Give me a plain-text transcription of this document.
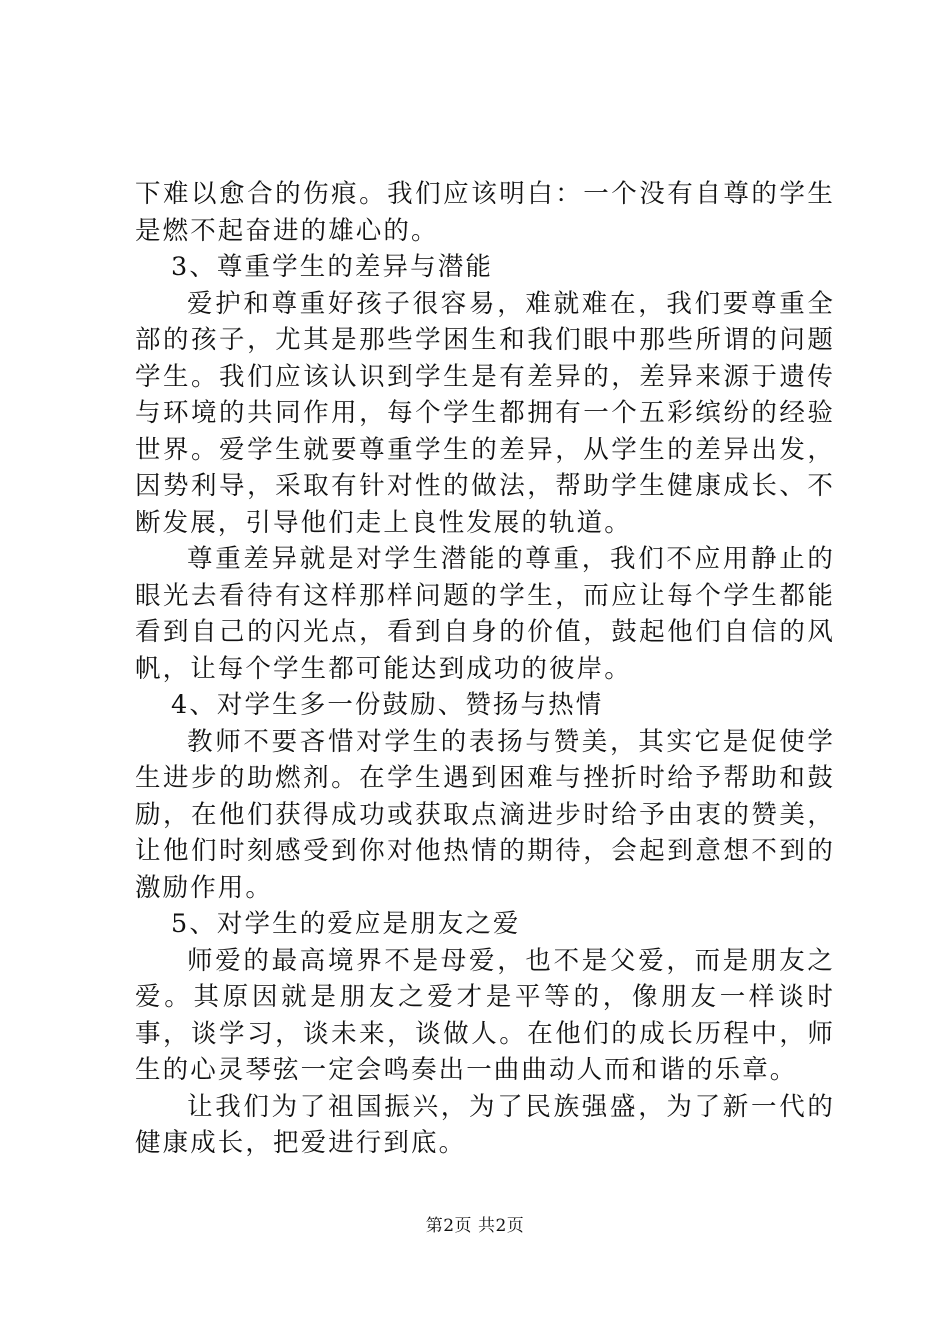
下难以愈合的伤痕。我们应该明白：一个没有自尊的学生是燃不起奋进的雄心的。

3、尊重学生的差异与潜能

爱护和尊重好孩子很容易，难就难在，我们要尊重全部的孩子，尤其是那些学困生和我们眼中那些所谓的问题学生。我们应该认识到学生是有差异的，差异来源于遗传与环境的共同作用，每个学生都拥有一个五彩缤纷的经验世界。爱学生就要尊重学生的差异，从学生的差异出发，因势利导，采取有针对性的做法，帮助学生健康成长、不断发展，引导他们走上良性发展的轨道。

尊重差异就是对学生潜能的尊重，我们不应用静止的眼光去看待有这样那样问题的学生，而应让每个学生都能看到自己的闪光点，看到自身的价值，鼓起他们自信的风帆，让每个学生都可能达到成功的彼岸。

4、对学生多一份鼓励、赞扬与热情

教师不要吝惜对学生的表扬与赞美，其实它是促使学生进步的助燃剂。在学生遇到困难与挫折时给予帮助和鼓励，在他们获得成功或获取点滴进步时给予由衷的赞美，让他们时刻感受到你对他热情的期待，会起到意想不到的激励作用。

5、对学生的爱应是朋友之爱

师爱的最高境界不是母爱，也不是父爱，而是朋友之爱。其原因就是朋友之爱才是平等的，像朋友一样谈时事，谈学习，谈未来，谈做人。在他们的成长历程中，师生的心灵琴弦一定会鸣奏出一曲曲动人而和谐的乐章。

让我们为了祖国振兴，为了民族强盛，为了新一代的健康成长，把爱进行到底。

第2页 共2页
